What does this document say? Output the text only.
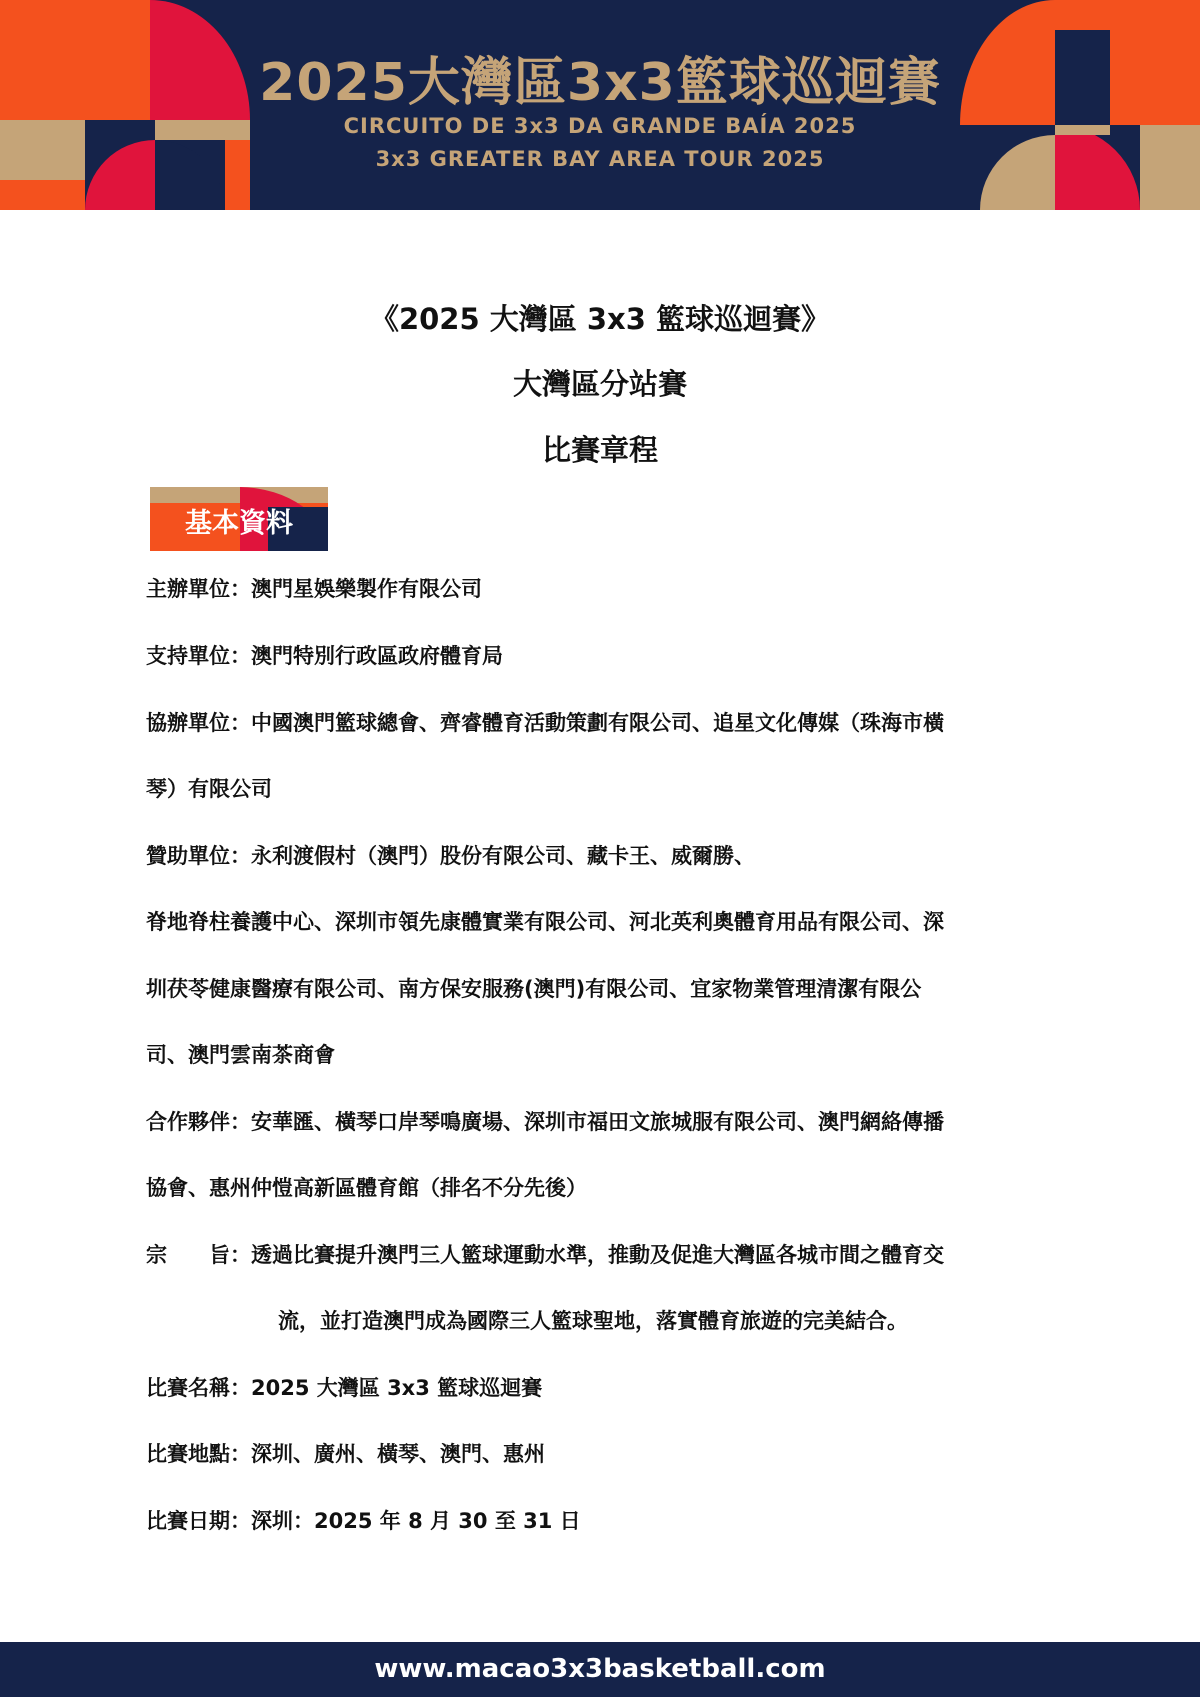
2025大灣區3x3籃球巡迴賽
CIRCUITO DE 3x3 DA GRANDE BAÍA 2025
3x3 GREATER BAY AREA TOUR 2025
《2025 大灣區 3x3 籃球巡迴賽》
大灣區分站賽
比賽章程
基本資料
主辦單位：澳門星娛樂製作有限公司
支持單位：澳門特別行政區政府體育局
協辦單位：中國澳門籃球總會、齊睿體育活動策劃有限公司、追星文化傳媒（珠海市橫
琴）有限公司
贊助單位：永利渡假村（澳門）股份有限公司、藏卡王、威爾勝、
脊地脊柱養護中心、深圳市領先康體實業有限公司、河北英利奧體育用品有限公司、深
圳茯苓健康醫療有限公司、南方保安服務(澳門)有限公司、宜家物業管理清潔有限公
司、澳門雲南茶商會
合作夥伴：安華匯、橫琴口岸琴鳴廣場、深圳市福田文旅城服有限公司、澳門網絡傳播
協會、惠州仲愷高新區體育館（排名不分先後）
宗　　旨：透過比賽提升澳門三人籃球運動水準，推動及促進大灣區各城市間之體育交
流，並打造澳門成為國際三人籃球聖地，落實體育旅遊的完美結合。
比賽名稱：2025 大灣區 3x3 籃球巡迴賽
比賽地點：深圳、廣州、橫琴、澳門、惠州
比賽日期：深圳：2025 年 8 月 30 至 31 日
www.macao3x3basketball.com
